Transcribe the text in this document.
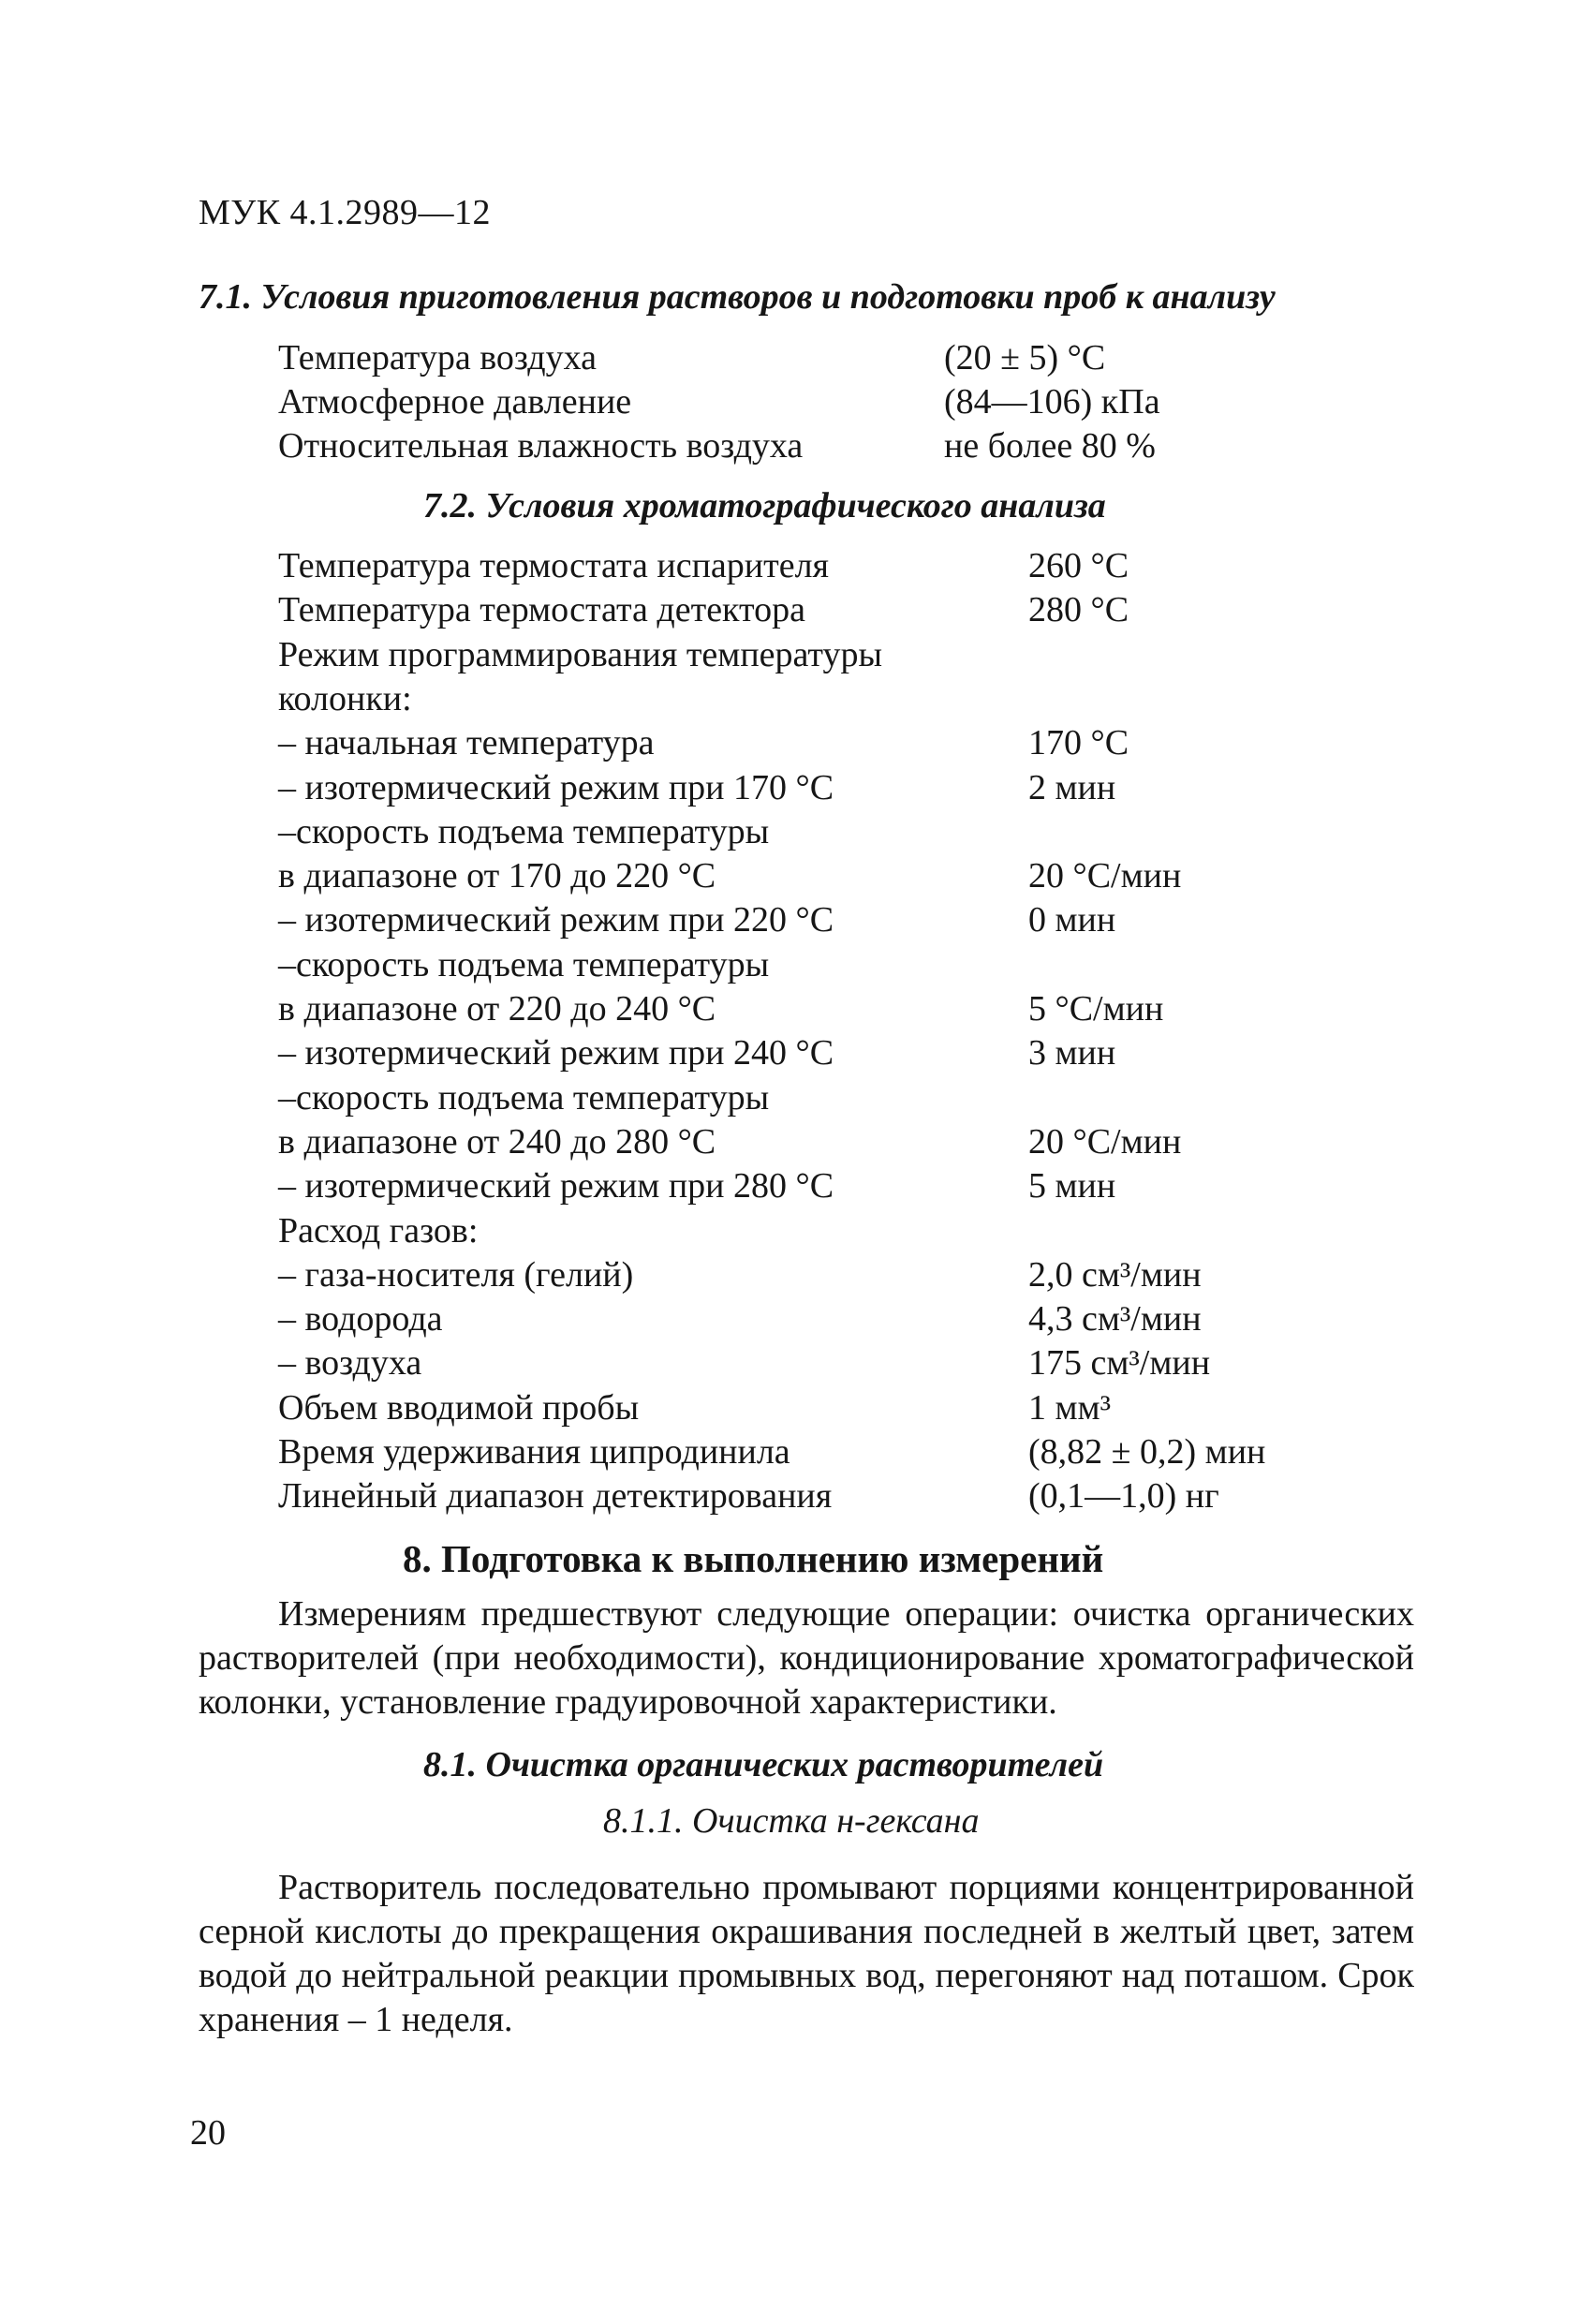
МУК 4.1.2989—12
7.1. Условия приготовления растворов и подготовки проб к анализу
Температура воздуха	(20 ± 5) °С
Атмосферное давление	(84—106) кПа
Относительная влажность воздуха	не более 80 %
7.2. Условия хроматографического анализа
Температура термостата испарителя	260 °С
Температура термостата детектора	280 °С
Режим программирования температуры
колонки:
– начальная температура	170 °С
– изотермический режим при 170 °С	2 мин
–скорость подъема температуры
в диапазоне от 170 до 220 °С	20 °С/мин
– изотермический режим при 220 °С	0 мин
–скорость подъема температуры
в диапазоне от 220 до 240 °С	5 °С/мин
– изотермический режим при 240 °С	3 мин
–скорость подъема температуры
в диапазоне от 240 до 280 °С	20 °С/мин
– изотермический режим при 280 °С	5 мин
Расход газов:
– газа-носителя (гелий)	2,0 см³/мин
– водорода	4,3 см³/мин
– воздуха	175 см³/мин
Объем вводимой пробы	1 мм³
Время удерживания ципродинила	(8,82 ± 0,2) мин
Линейный диапазон детектирования	(0,1—1,0) нг
8. Подготовка к выполнению измерений
Измерениям предшествуют следующие операции: очистка органических растворителей (при необходимости), кондиционирование хроматографической колонки, установление градуировочной характеристики.
8.1. Очистка органических растворителей
8.1.1. Очистка н-гексана
Растворитель последовательно промывают порциями концентрированной серной кислоты до прекращения окрашивания последней в желтый цвет, затем водой до нейтральной реакции промывных вод, перегоняют над поташом. Срок хранения – 1 неделя.
20
